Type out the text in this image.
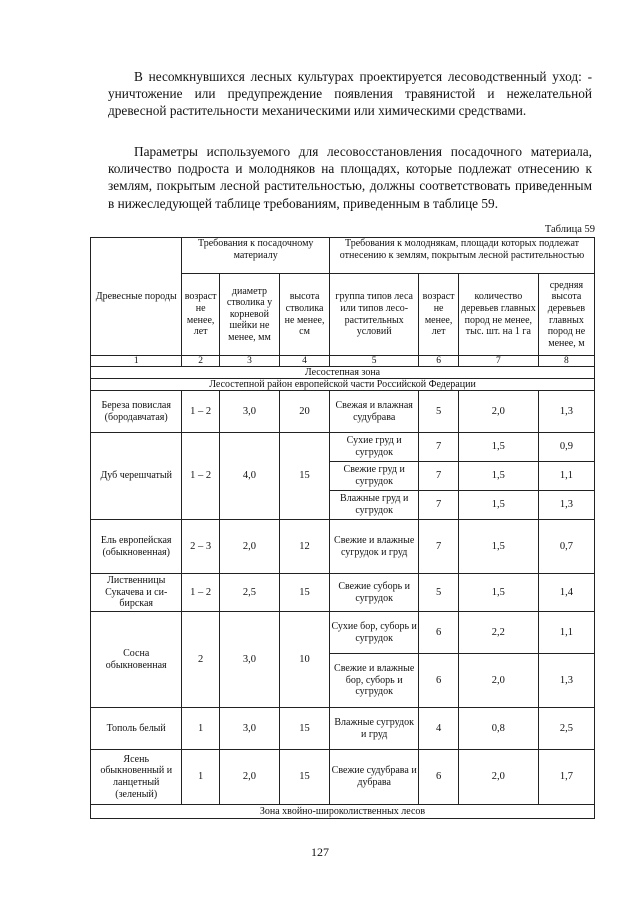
В несомкнувшихся лесных культурах проектируется лесоводственный уход: - уничтожение или предупреждение появления травянистой и нежелательной древесной растительности механическими или химическими средствами.

Параметры используемого для лесовосстановления посадочного материала, количество подроста и молодняков на площадях, которые подлежат отнесению к землям, покрытым лесной растительностью, должны соответствовать приведенным в нижеследующей таблице требованиям, приведенным в таблице 59.

Таблица 59
Древесные породы	Требования к посадочному материалу			Требования к молоднякам, площади которых подлежат отнесению к землям, покрытым лесной растительностью			
	возраст не менее, лет	диаметр стволика у корневой шейки не менее, мм	высота стволика не менее, см	группа типов леса или типов лесо-растительных условий	возраст не менее, лет	количество деревьев главных пород не менее, тыс. шт. на 1 га	средняя высота деревьев главных пород не менее, м
1	2	3	4	5	6	7	8
Лесостепная зона							
Лесостепной район европейской части Российской Федерации							
Береза повислая (бородавчатая)	1 – 2	3,0	20	Свежая и влажная судубрава	5	2,0	1,3
Дуб черешчатый	1 – 2	4,0	15	Сухие груд и сугрудок	7	1,5	0,9
				Свежие груд и сугрудок	7	1,5	1,1
				Влажные груд и сугрудок	7	1,5	1,3
Ель европейская (обыкновенная)	2 – 3	2,0	12	Свежие и влажные сугрудок и груд	7	1,5	0,7
Лиственницы Сукачева и си-бирская	1 – 2	2,5	15	Свежие суборь и сугрудок	5	1,5	1,4
Сосна обыкновенная	2	3,0	10	Сухие бор, суборь и сугрудок	6	2,2	1,1
				Свежие и влажные бор, суборь и сугрудок	6	2,0	1,3
Тополь белый	1	3,0	15	Влажные сугрудок и груд	4	0,8	2,5
Ясень обыкновенный и ланцетный (зеленый)	1	2,0	15	Свежие судубрава и дубрава	6	2,0	1,7
Зона хвойно-широколиственных лесов							
127
